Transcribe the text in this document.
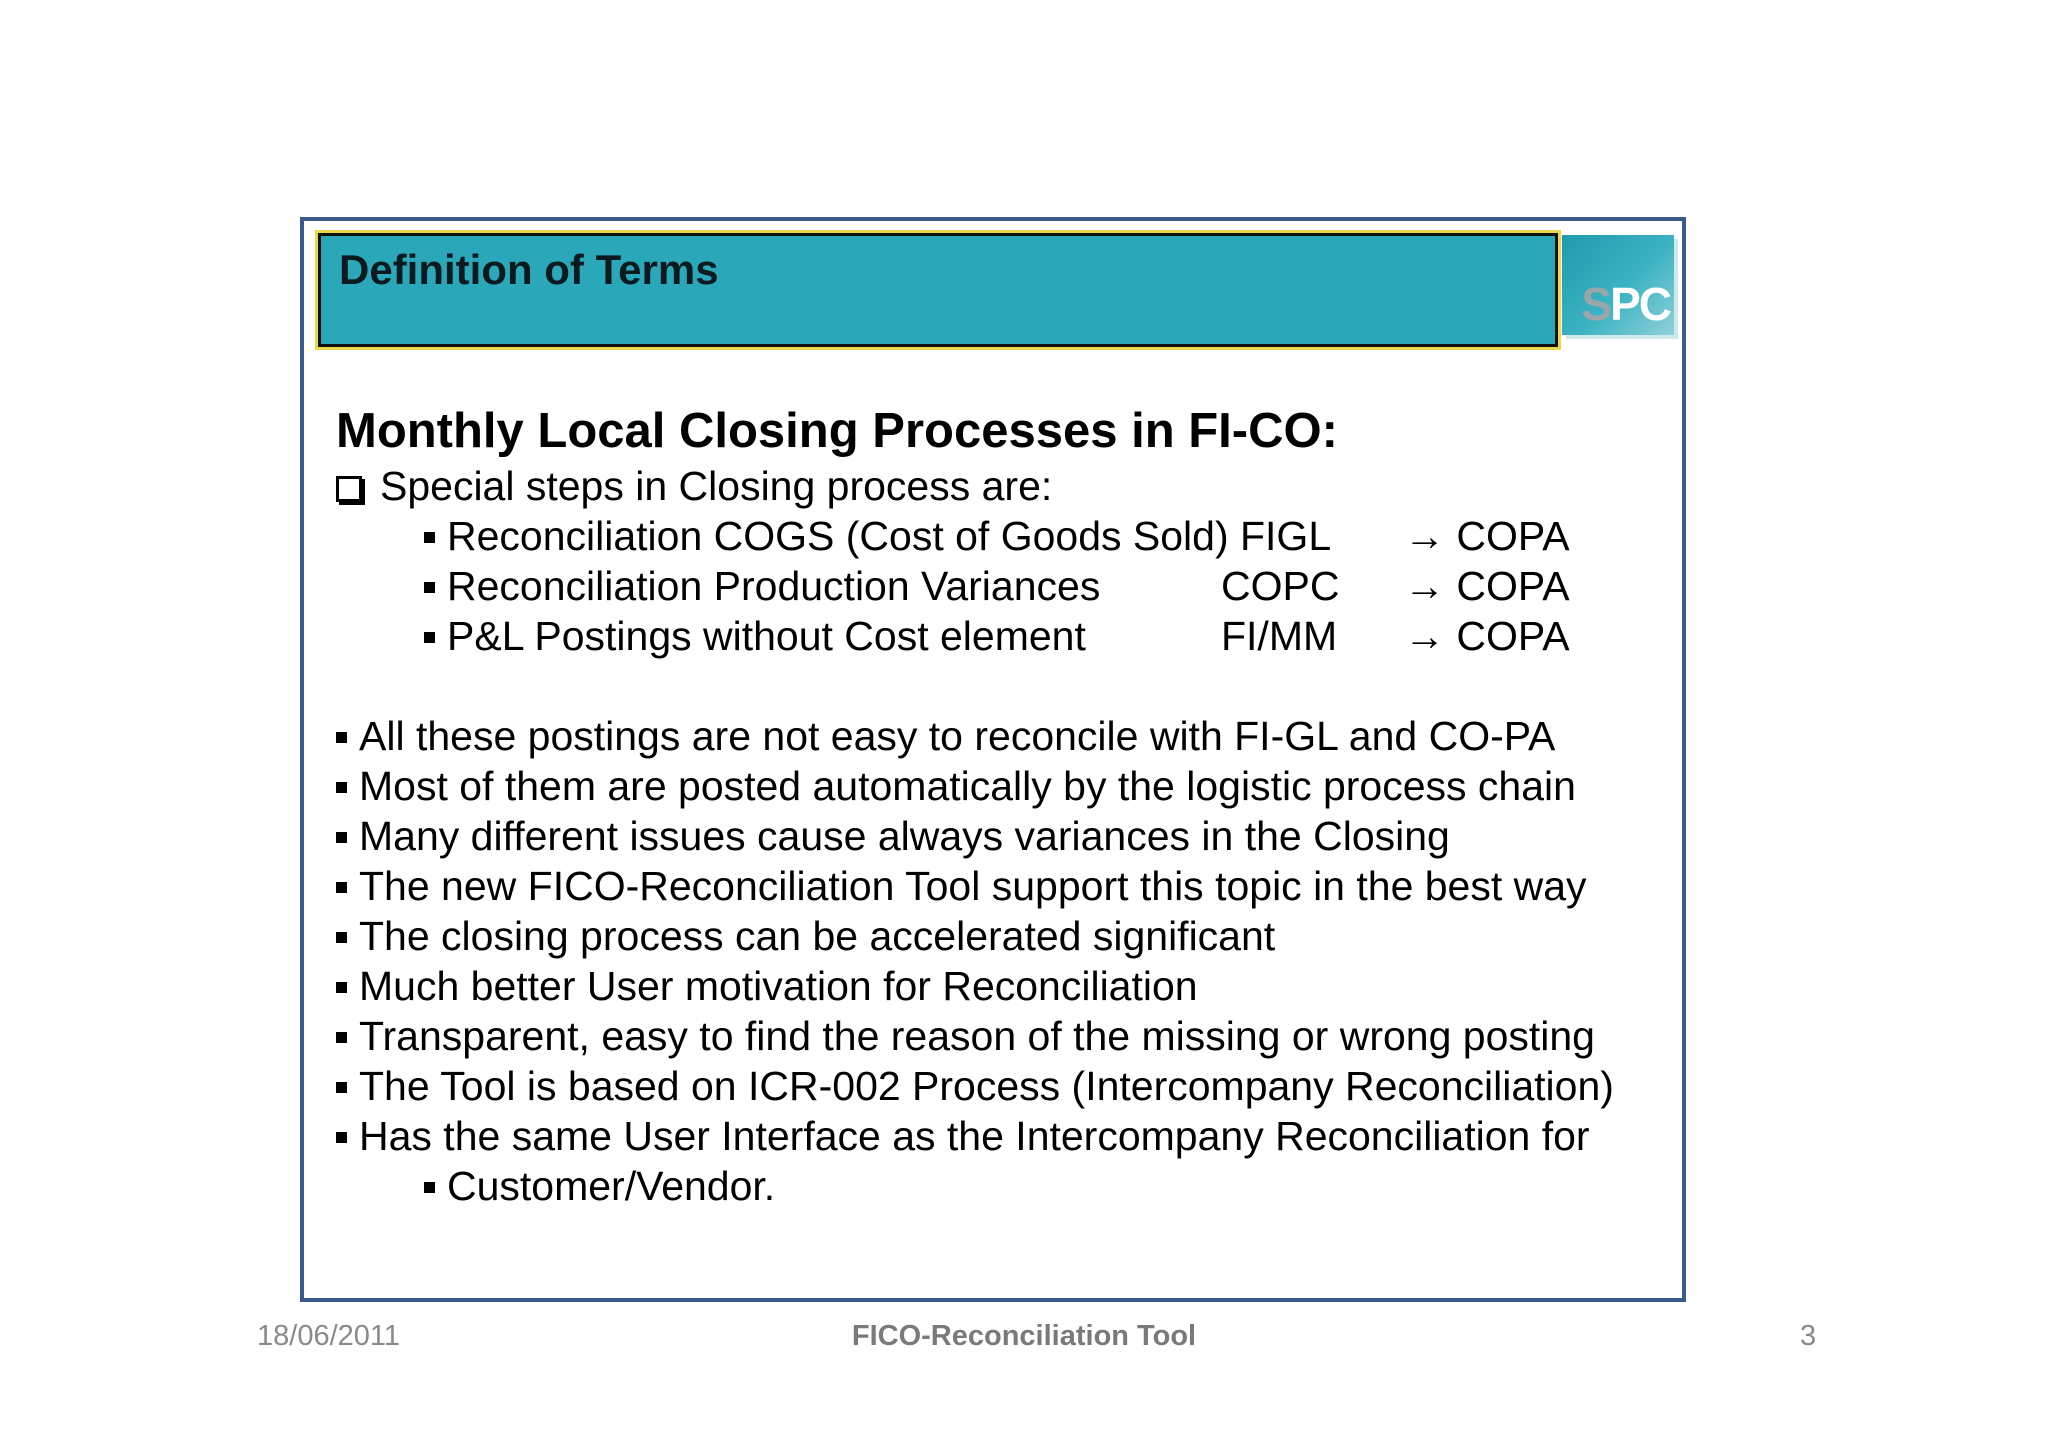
Definition of Terms
SPC
Monthly Local Closing Processes in FI-CO:
Special steps in Closing process are:
Reconciliation COGS (Cost of Goods Sold) FIGL → COPA
Reconciliation Production Variances	COPC → COPA
P&L Postings without Cost element	FI/MM → COPA
All these postings are not easy to reconcile with FI-GL and CO-PA
Most of them are posted automatically by the logistic process chain
Many different issues cause always variances in the Closing
The new FICO-Reconciliation Tool support this topic in the best way
The closing process can be accelerated significant
Much better User motivation for Reconciliation
Transparent, easy to find the reason of the missing or wrong posting
The Tool is based on ICR-002 Process (Intercompany Reconciliation)
Has the same User Interface as the Intercompany Reconciliation for
Customer/Vendor.
18/06/2011	FICO-Reconciliation Tool	3
